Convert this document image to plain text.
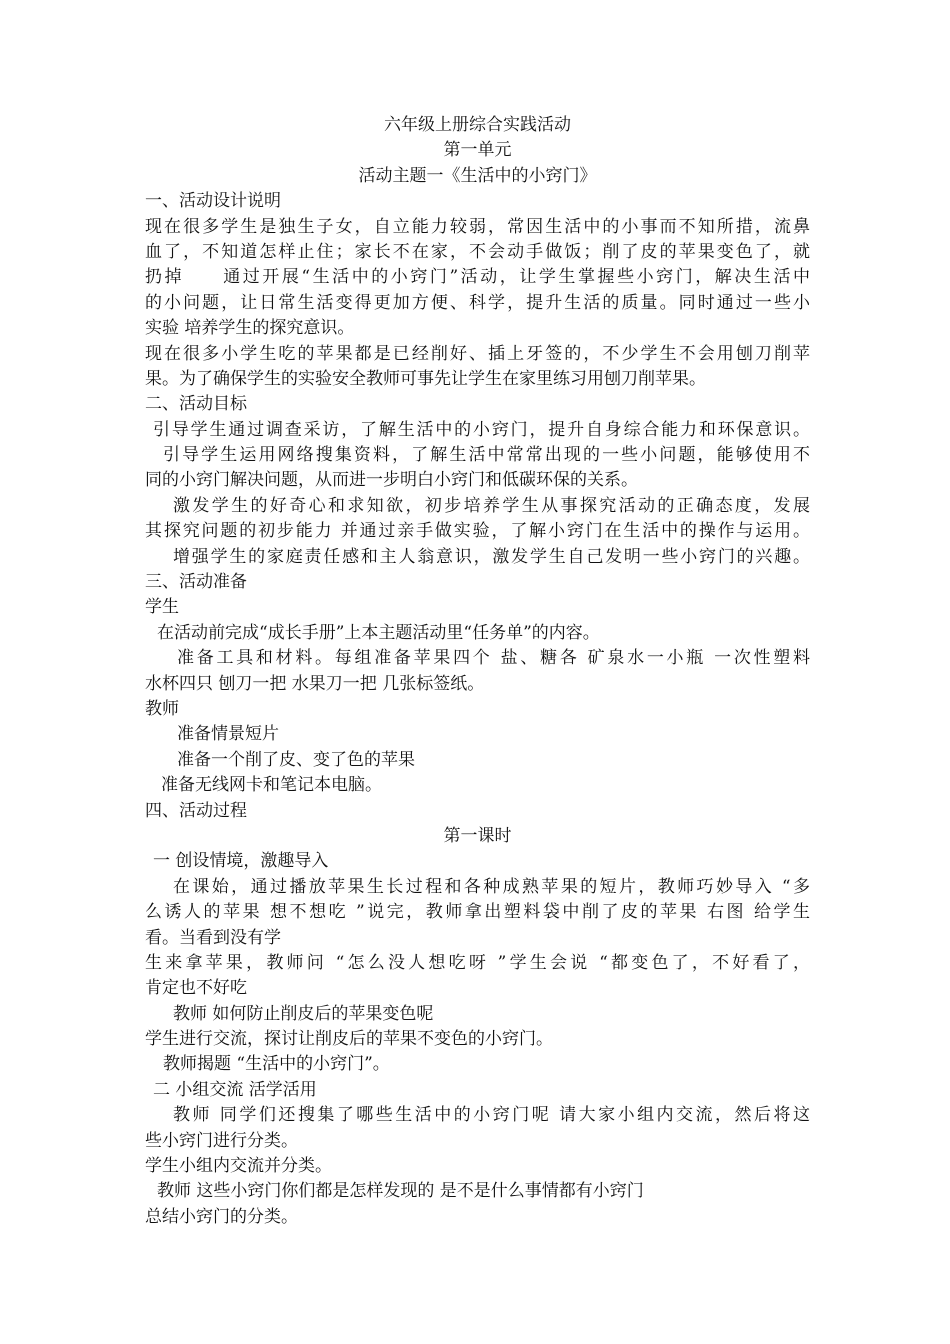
六年级上册综合实践活动
第一单元
活动主题一《生活中的小窍门》
一、活动设计说明
现在很多学生是独生子女，自立能力较弱，常因生活中的小事而不知所措，流鼻
血了，不知道怎样止住；家长不在家，不会动手做饭；削了皮的苹果变色了，就
扔掉　　通过开展“生活中的小窍门”活动，让学生掌握些小窍门，解决生活中
的小问题，让日常生活变得更加方便、科学，提升生活的质量。同时通过一些小
实验 培养学生的探究意识。
现在很多小学生吃的苹果都是已经削好、插上牙签的，不少学生不会用刨刀削苹
果。为了确保学生的实验安全教师可事先让学生在家里练习用刨刀削苹果。
二、活动目标
引导学生通过调查采访，了解生活中的小窍门，提升自身综合能力和环保意识。
引导学生运用网络搜集资料，了解生活中常常出现的一些小问题，能够使用不
同的小窍门解决问题，从而进一步明白小窍门和低碳环保的关系。
激发学生的好奇心和求知欲，初步培养学生从事探究活动的正确态度，发展
其探究问题的初步能力 并通过亲手做实验，了解小窍门在生活中的操作与运用。
增强学生的家庭责任感和主人翁意识，激发学生自己发明一些小窍门的兴趣。
三、活动准备
学生
在活动前完成“成长手册”上本主题活动里“任务单”的内容。
准备工具和材料。每组准备苹果四个 盐、糖各 矿泉水一小瓶 一次性塑料
水杯四只 刨刀一把 水果刀一把 几张标签纸。
教师
准备情景短片
准备一个削了皮、变了色的苹果
准备无线网卡和笔记本电脑。
四、活动过程
第一课时
一 创设情境，激趣导入
在课始，通过播放苹果生长过程和各种成熟苹果的短片，教师巧妙导入 “多
么诱人的苹果 想不想吃 ”说完，教师拿出塑料袋中削了皮的苹果 右图 给学生
看。当看到没有学
生来拿苹果，教师问 “怎么没人想吃呀 ”学生会说 “都变色了，不好看了，
肯定也不好吃
教师 如何防止削皮后的苹果变色呢
学生进行交流，探讨让削皮后的苹果不变色的小窍门。
教师揭题 “生活中的小窍门”。
二 小组交流 活学活用
教师 同学们还搜集了哪些生活中的小窍门呢 请大家小组内交流，然后将这
些小窍门进行分类。
学生小组内交流并分类。
教师 这些小窍门你们都是怎样发现的 是不是什么事情都有小窍门
总结小窍门的分类。
